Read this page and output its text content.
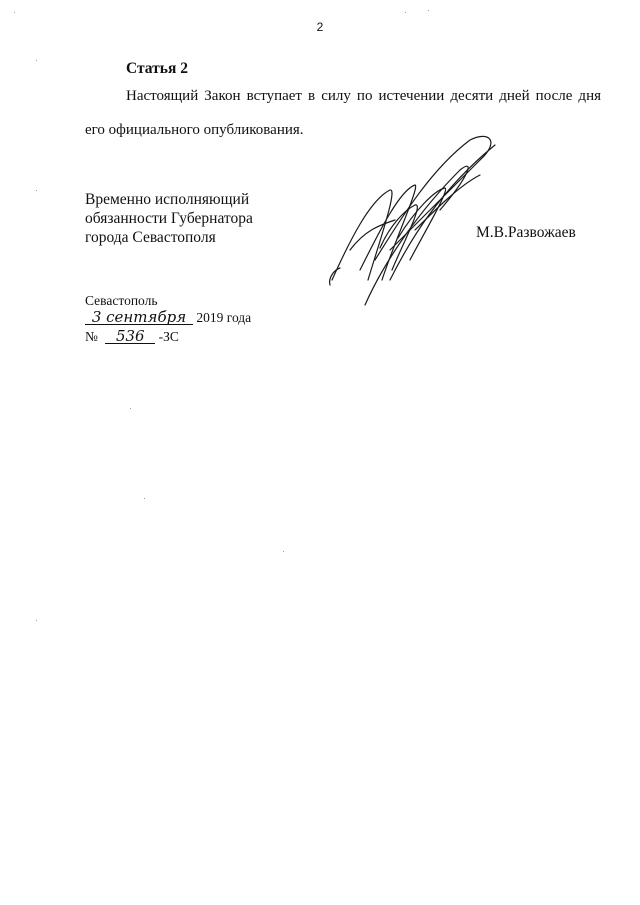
2
Статья 2
Настоящий Закон вступает в силу по истечении десяти дней после дня
его официального опубликования.
Временно исполняющий
обязанности Губернатора
города Севастополя	М.В.Развожаев
Севастополь
3 сентября 2019 года
№ 536 -ЗС
